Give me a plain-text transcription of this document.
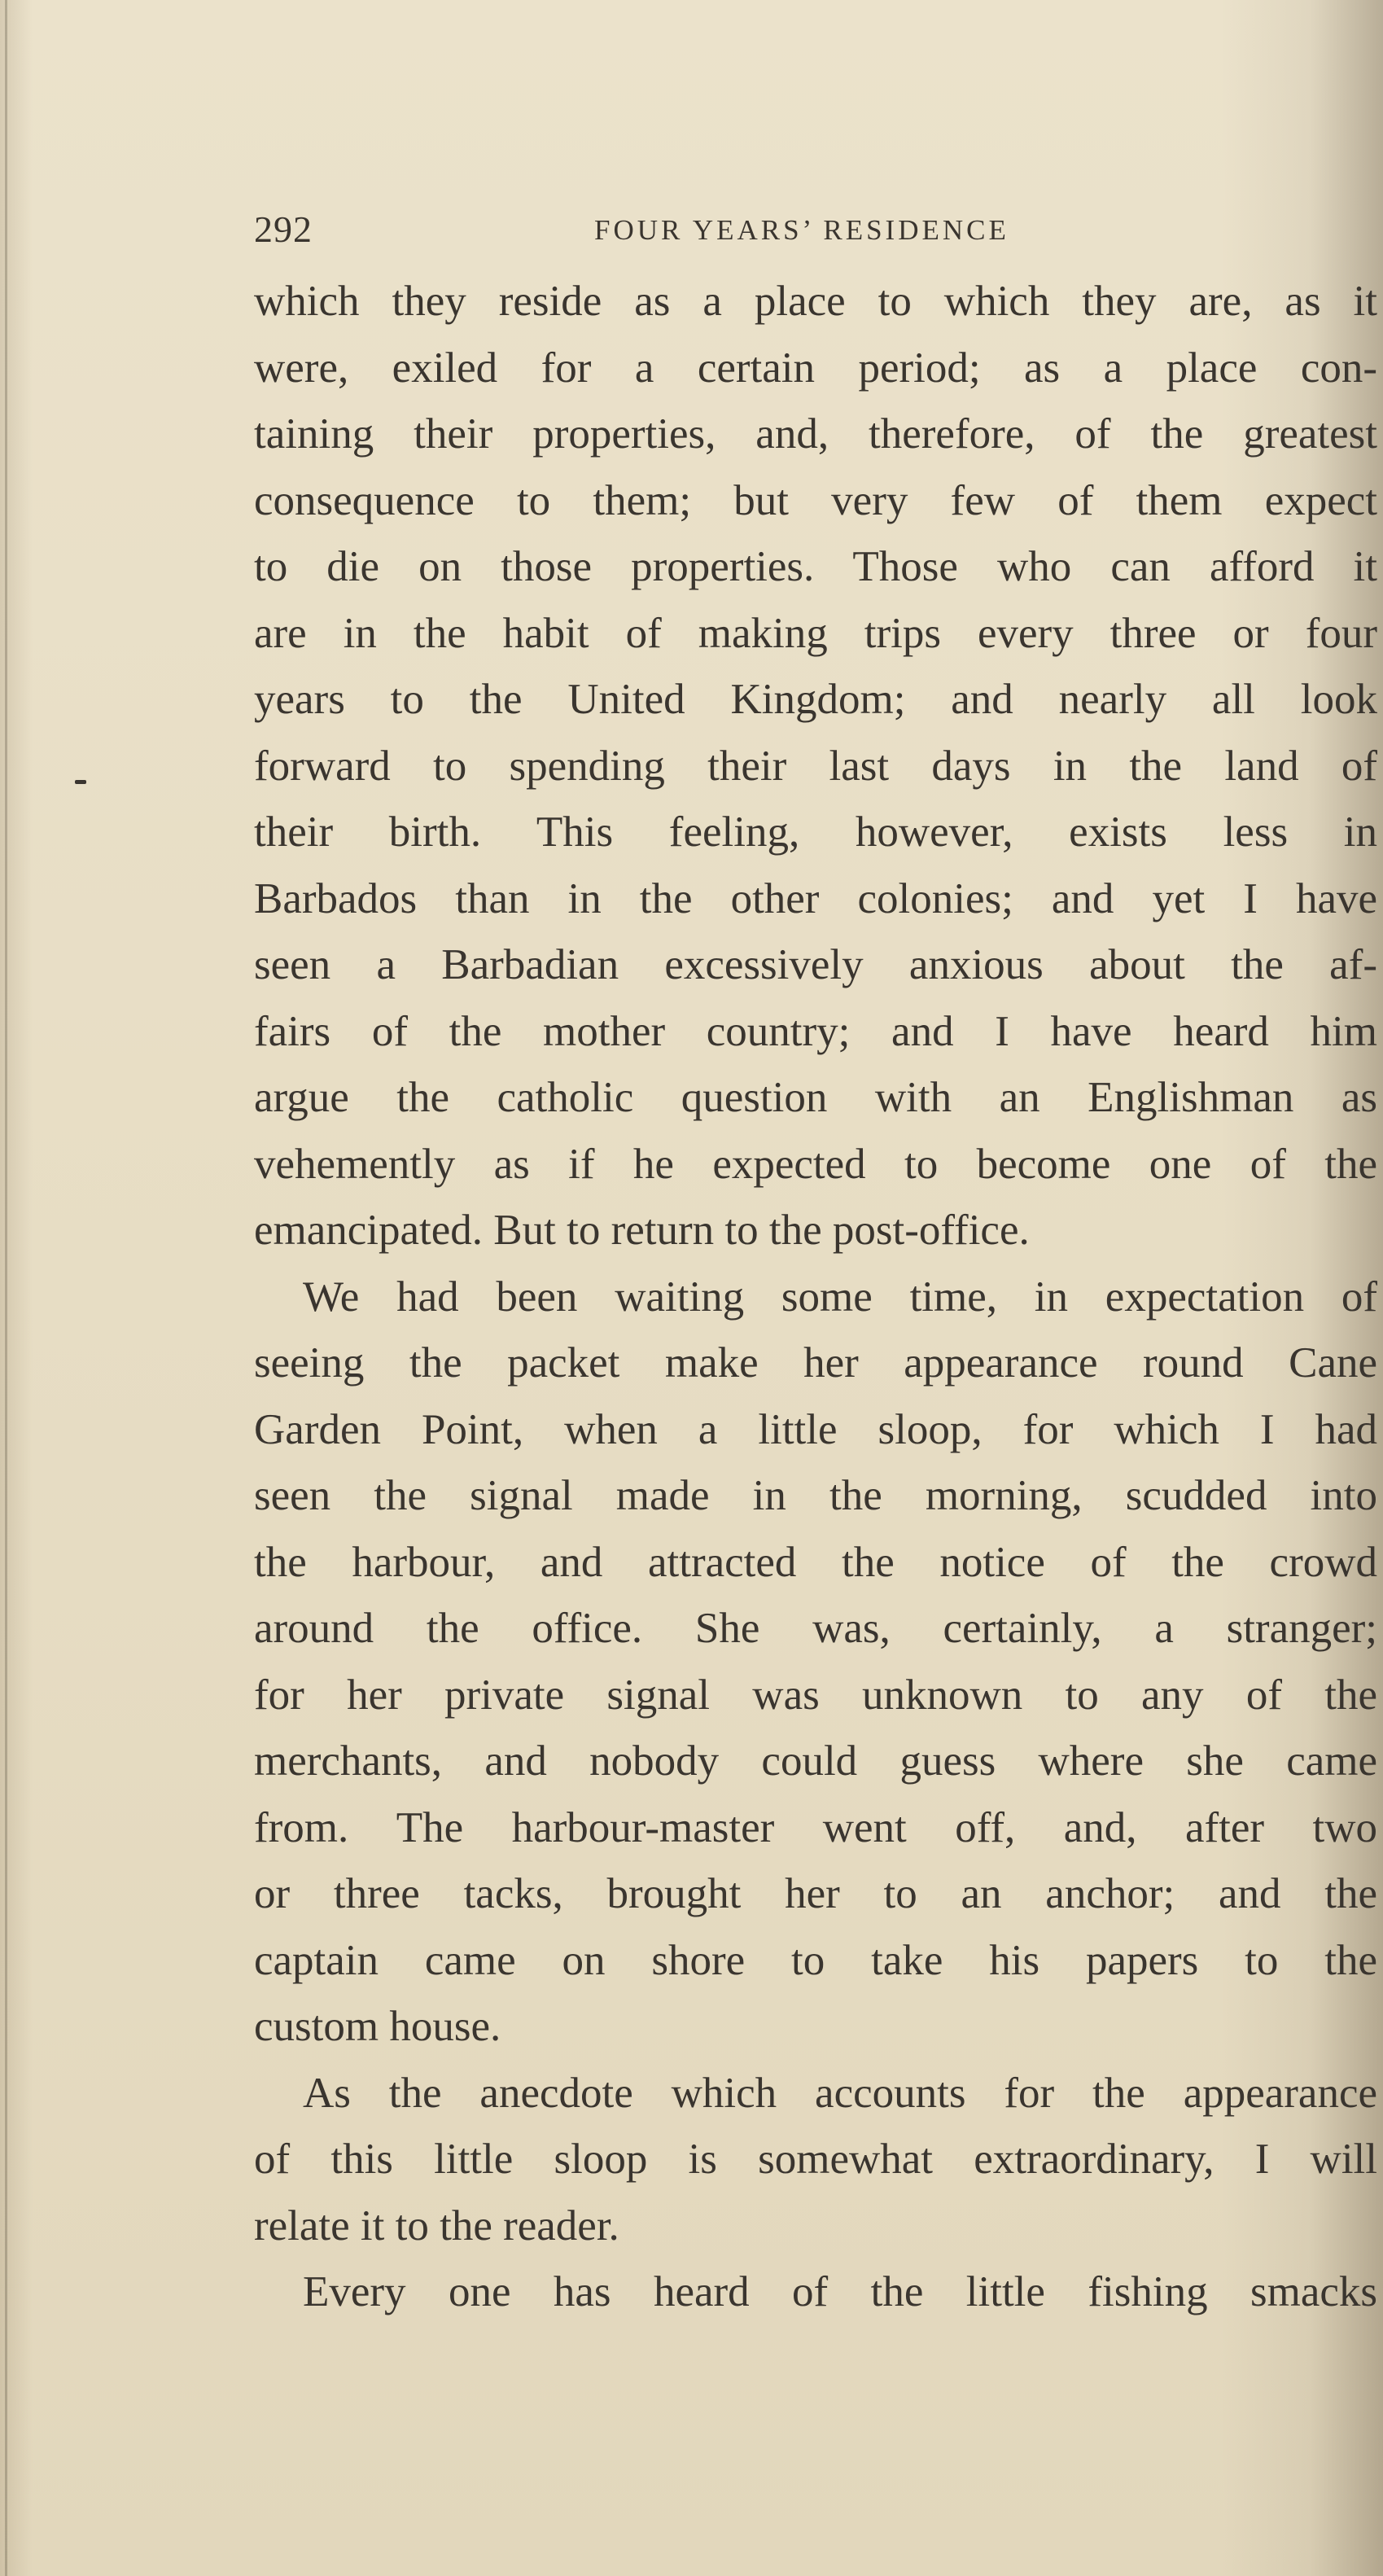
292	FOUR YEARS’ RESIDENCE
which they reside as a place to which they are, as it
were, exiled for a certain period; as a place con-
taining their properties, and, therefore, of the greatest
consequence to them; but very few of them expect
to die on those properties. Those who can afford it
are in the habit of making trips every three or four
years to the United Kingdom; and nearly all look
forward to spending their last days in the land of
their birth. This feeling, however, exists less in
Barbados than in the other colonies; and yet I have
seen a Barbadian excessively anxious about the af-
fairs of the mother country; and I have heard him
argue the catholic question with an Englishman as
vehemently as if he expected to become one of the
emancipated. But to return to the post-office.
We had been waiting some time, in expectation of
seeing the packet make her appearance round Cane
Garden Point, when a little sloop, for which I had
seen the signal made in the morning, scudded into
the harbour, and attracted the notice of the crowd
around the office. She was, certainly, a stranger;
for her private signal was unknown to any of the
merchants, and nobody could guess where she came
from. The harbour-master went off, and, after two
or three tacks, brought her to an anchor; and the
captain came on shore to take his papers to the
custom house.
As the anecdote which accounts for the appearance
of this little sloop is somewhat extraordinary, I will
relate it to the reader.
Every one has heard of the little fishing smacks
